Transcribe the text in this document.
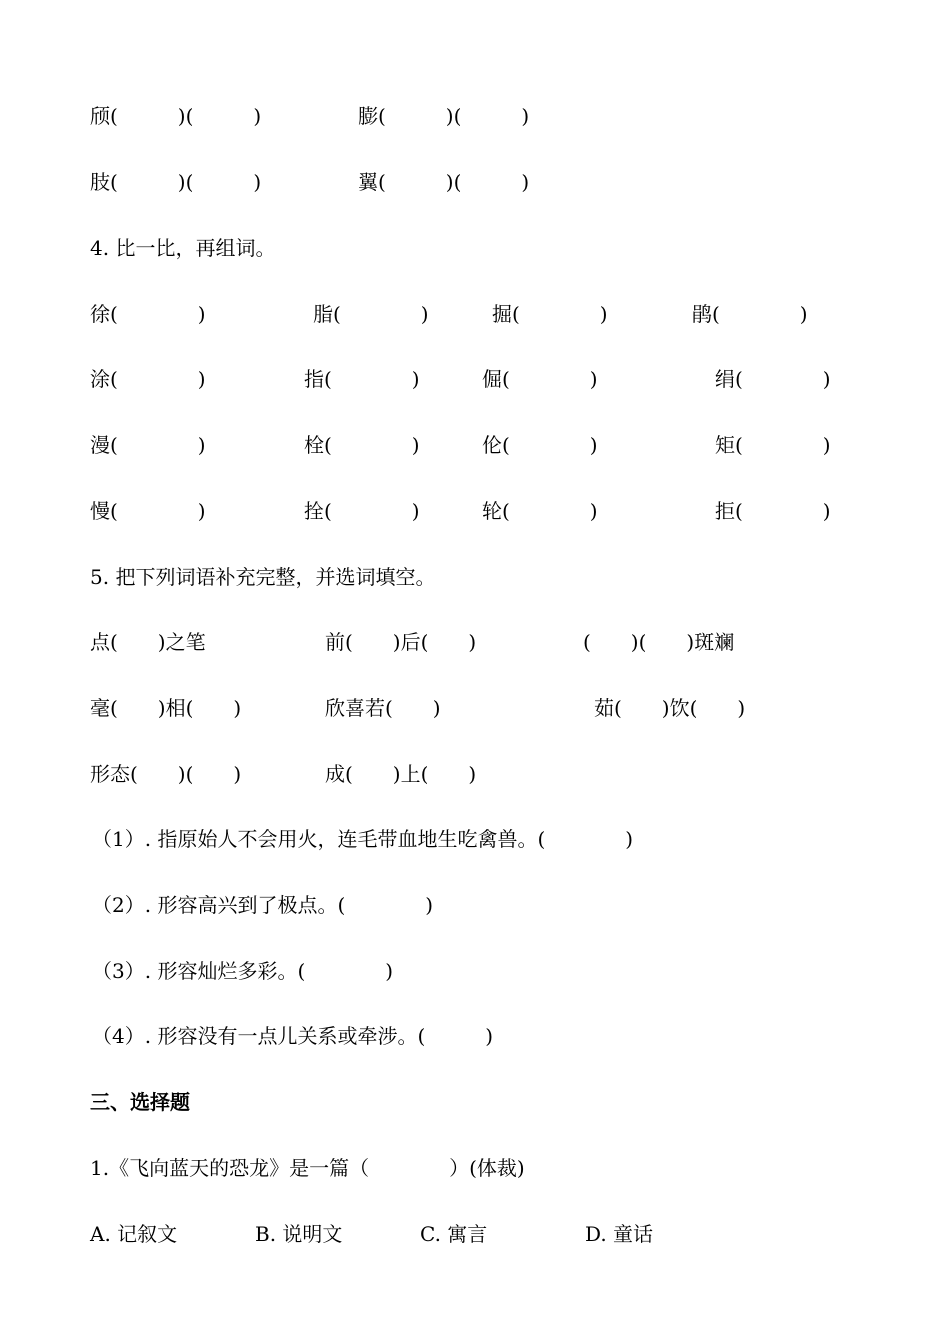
颀(　　　)(　　　)	膨(　　　)(　　　)
肢(　　　)(　　　)	翼(　　　)(　　　)
4. 比一比，再组词。
徐(　　　　)	脂(　　　　)	掘(　　　　)	鹃(　　　　)
涂(　　　　)	指(　　　　)	倔(　　　　)	绢(　　　　)
漫(　　　　)	栓(　　　　)	伦(　　　　)	矩(　　　　)
慢(　　　　)	拴(　　　　)	轮(　　　　)	拒(　　　　)
5. 把下列词语补充完整，并选词填空。
点(　　)之笔	前(　　)后(　　)	(　　)(　　)斑斓
毫(　　)相(　　)	欣喜若(　　)	茹(　　)饮(　　)
形态(　　)(　　)	成(　　)上(　　)
（1）. 指原始人不会用火，连毛带血地生吃禽兽。(　　　　)
（2）. 形容高兴到了极点。(　　　　)
（3）. 形容灿烂多彩。(　　　　)
（4）. 形容没有一点儿关系或牵涉。(　　　)
三、选择题
1.《飞向蓝天的恐龙》是一篇（　　　　）(体裁)
A. 记叙文	B. 说明文	C. 寓言	D. 童话
